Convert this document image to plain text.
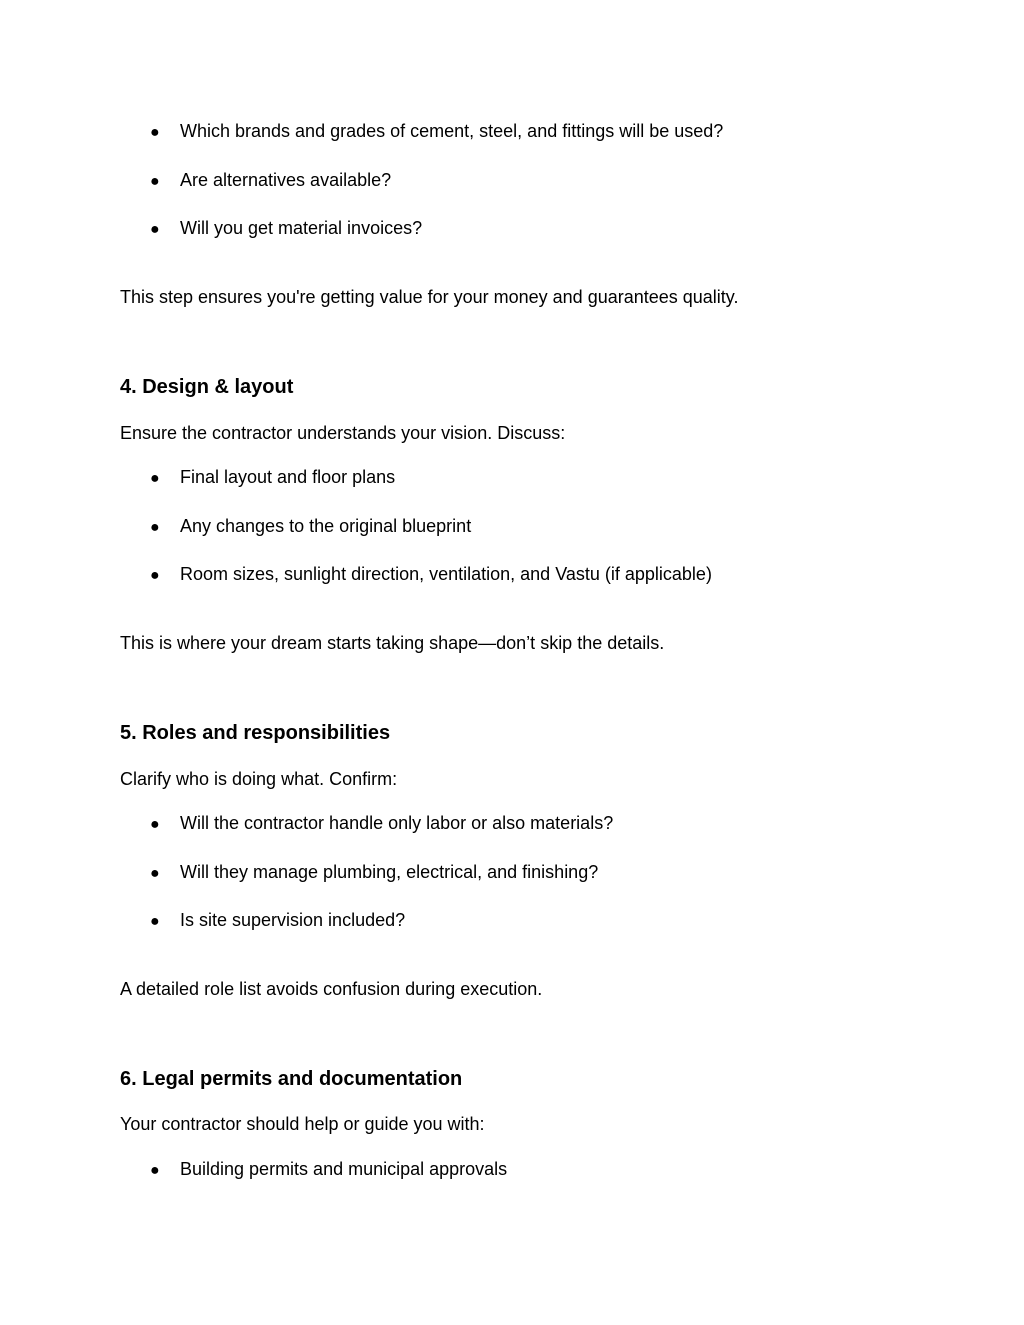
● Which brands and grades of cement, steel, and fittings will be used?
● Are alternatives available?
● Will you get material invoices?

This step ensures you're getting value for your money and guarantees quality.

4. Design & layout

Ensure the contractor understands your vision. Discuss:

● Final layout and floor plans
● Any changes to the original blueprint
● Room sizes, sunlight direction, ventilation, and Vastu (if applicable)

This is where your dream starts taking shape—don’t skip the details.

5. Roles and responsibilities

Clarify who is doing what. Confirm:

● Will the contractor handle only labor or also materials?
● Will they manage plumbing, electrical, and finishing?
● Is site supervision included?

A detailed role list avoids confusion during execution.

6. Legal permits and documentation

Your contractor should help or guide you with:

● Building permits and municipal approvals
